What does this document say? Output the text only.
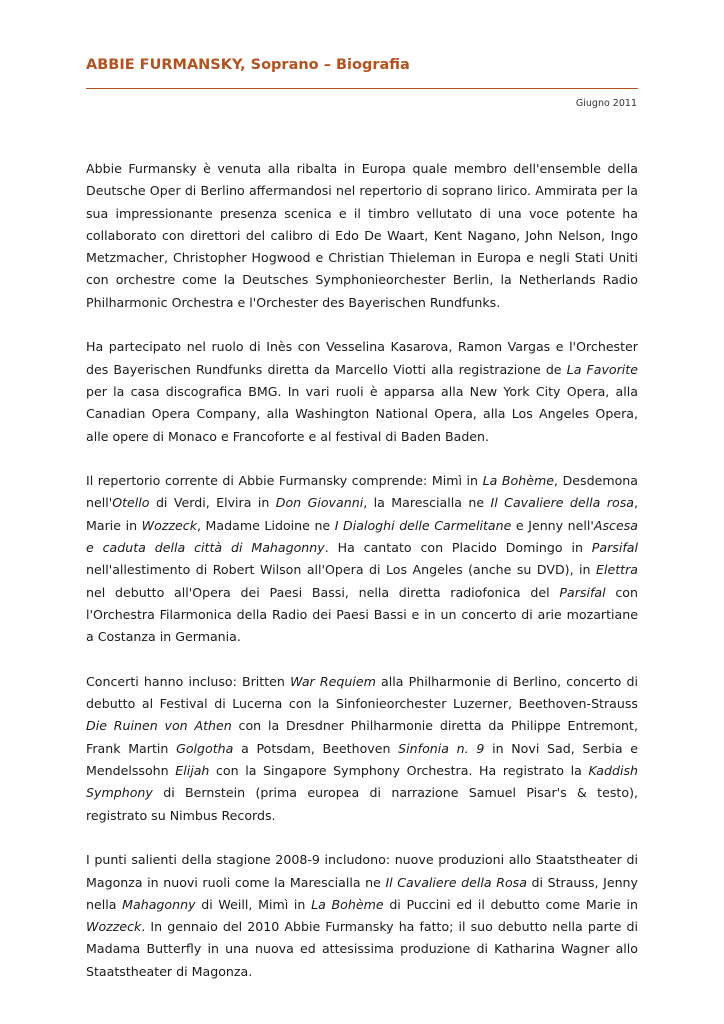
ABBIE FURMANSKY, Soprano – Biografia
Giugno 2011

Abbie Furmansky è venuta alla ribalta in Europa quale membro dell'ensemble della Deutsche Oper di Berlino affermandosi nel repertorio di soprano lirico. Ammirata per la sua impressionante presenza scenica e il timbro vellutato di una voce potente ha collaborato con direttori del calibro di Edo De Waart, Kent Nagano, John Nelson, Ingo Metzmacher, Christopher Hogwood e Christian Thieleman in Europa e negli Stati Uniti con orchestre come la Deutsches Symphonieorchester Berlin, la Netherlands Radio Philharmonic Orchestra e l'Orchester des Bayerischen Rundfunks.

Ha partecipato nel ruolo di Inès con Vesselina Kasarova, Ramon Vargas e l'Orchester des Bayerischen Rundfunks diretta da Marcello Viotti alla registrazione de La Favorite per la casa discografica BMG. In vari ruoli è apparsa alla New York City Opera, alla Canadian Opera Company, alla Washington National Opera, alla Los Angeles Opera, alle opere di Monaco e Francoforte e al festival di Baden Baden.

Il repertorio corrente di Abbie Furmansky comprende: Mimì in La Bohème, Desdemona nell'Otello di Verdi, Elvira in Don Giovanni, la Marescialla ne Il Cavaliere della rosa, Marie in Wozzeck, Madame Lidoine ne I Dialoghi delle Carmelitane e Jenny nell'Ascesa e caduta della città di Mahagonny. Ha cantato con Placido Domingo in Parsifal nell'allestimento di Robert Wilson all'Opera di Los Angeles (anche su DVD), in Elettra nel debutto all'Opera dei Paesi Bassi, nella diretta radiofonica del Parsifal con l'Orchestra Filarmonica della Radio dei Paesi Bassi e in un concerto di arie mozartiane a Costanza in Germania.

Concerti hanno incluso: Britten War Requiem alla Philharmonie di Berlino, concerto di debutto al Festival di Lucerna con la Sinfonieorchester Luzerner, Beethoven-Strauss Die Ruinen von Athen con la Dresdner Philharmonie diretta da Philippe Entremont, Frank Martin Golgotha a Potsdam, Beethoven Sinfonia n. 9 in Novi Sad, Serbia e Mendelssohn Elijah con la Singapore Symphony Orchestra. Ha registrato la Kaddish Symphony di Bernstein (prima europea di narrazione Samuel Pisar's & testo), registrato su Nimbus Records.

I punti salienti della stagione 2008-9 includono: nuove produzioni allo Staatstheater di Magonza in nuovi ruoli come la Marescialla ne Il Cavaliere della Rosa di Strauss, Jenny nella Mahagonny di Weill, Mimì in La Bohème di Puccini ed il debutto come Marie in Wozzeck. In gennaio del 2010 Abbie Furmansky ha fatto; il suo debutto nella parte di Madama Butterfly in una nuova ed attesissima produzione di Katharina Wagner allo Staatstheater di Magonza.
